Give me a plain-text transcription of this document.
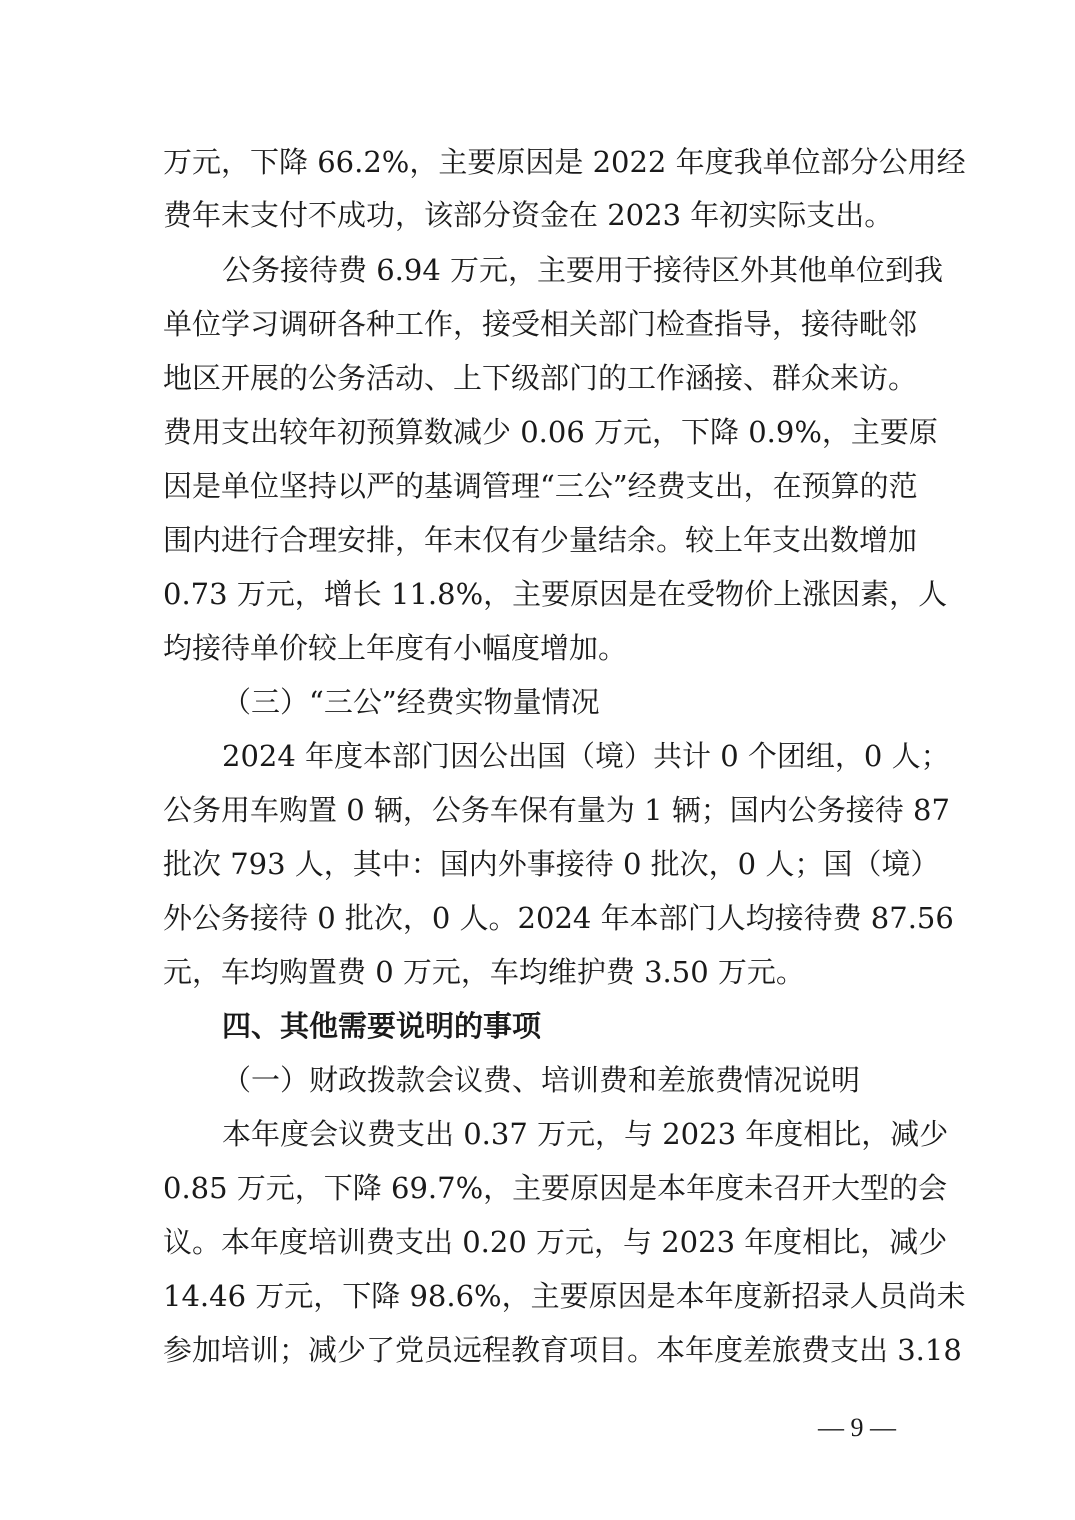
万元，下降 66.2%，主要原因是 2022 年度我单位部分公用经
费年末支付不成功，该部分资金在 2023 年初实际支出。
公务接待费 6.94 万元，主要用于接待区外其他单位到我
单位学习调研各种工作，接受相关部门检查指导，接待毗邻
地区开展的公务活动、上下级部门的工作涵接、群众来访。
费用支出较年初预算数减少 0.06 万元，下降 0.9%，主要原
因是单位坚持以严的基调管理“三公”经费支出，在预算的范
围内进行合理安排，年末仅有少量结余。较上年支出数增加
0.73 万元，增长 11.8%，主要原因是在受物价上涨因素，人
均接待单价较上年度有小幅度增加。
（三）“三公”经费实物量情况
2024 年度本部门因公出国（境）共计 0 个团组，0 人；
公务用车购置 0 辆，公务车保有量为 1 辆；国内公务接待 87
批次 793 人，其中：国内外事接待 0 批次，0 人；国（境）
外公务接待 0 批次，0 人。2024 年本部门人均接待费 87.56
元，车均购置费 0 万元，车均维护费 3.50 万元。
四、其他需要说明的事项
（一）财政拨款会议费、培训费和差旅费情况说明
本年度会议费支出 0.37 万元，与 2023 年度相比，减少
0.85 万元，下降 69.7%，主要原因是本年度未召开大型的会
议。本年度培训费支出 0.20 万元，与 2023 年度相比，减少
14.46 万元，下降 98.6%，主要原因是本年度新招录人员尚未
参加培训；减少了党员远程教育项目。本年度差旅费支出 3.18
— 9 —
